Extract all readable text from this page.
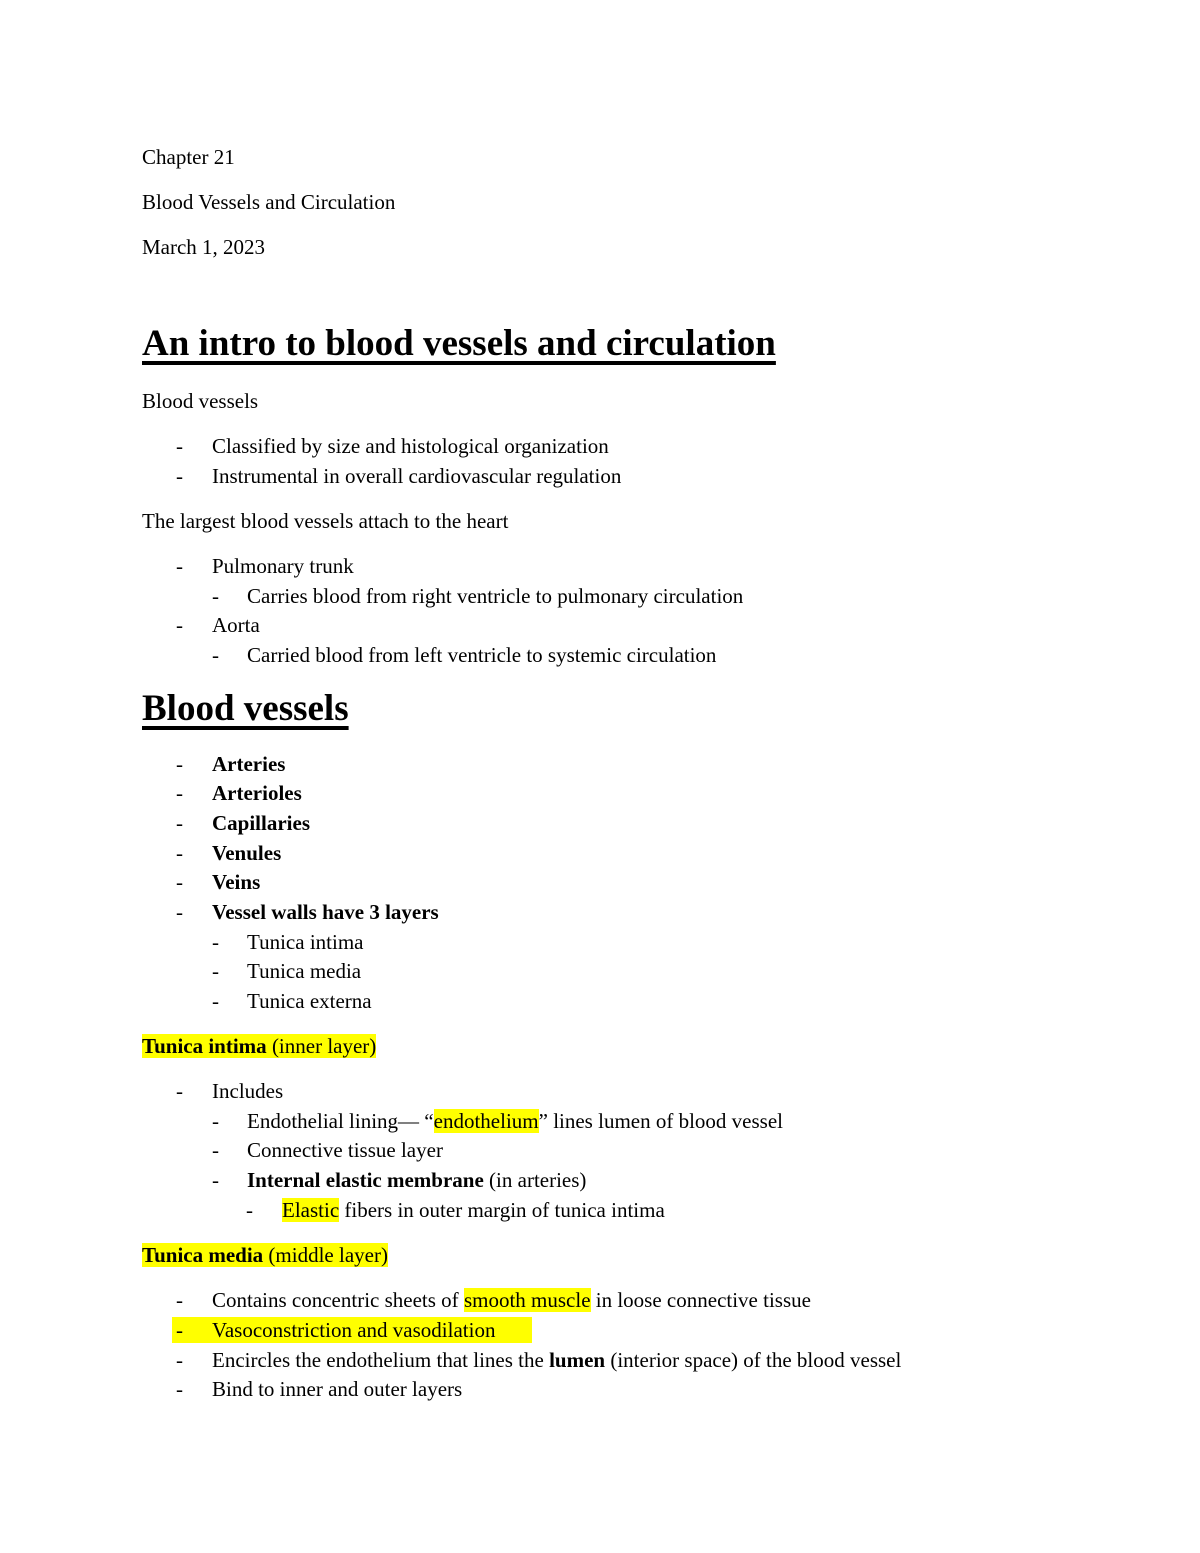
Chapter 21
Blood Vessels and Circulation
March 1, 2023
An intro to blood vessels and circulation
Blood vessels
- Classified by size and histological organization
- Instrumental in overall cardiovascular regulation
The largest blood vessels attach to the heart
- Pulmonary trunk
- Carries blood from right ventricle to pulmonary circulation
- Aorta
- Carried blood from left ventricle to systemic circulation
Blood vessels
- Arteries
- Arterioles
- Capillaries
- Venules
- Veins
- Vessel walls have 3 layers
- Tunica intima
- Tunica media
- Tunica externa
Tunica intima (inner layer)
- Includes
- Endothelial lining— “endothelium” lines lumen of blood vessel
- Connective tissue layer
- Internal elastic membrane (in arteries)
- Elastic fibers in outer margin of tunica intima
Tunica media (middle layer)
- Contains concentric sheets of smooth muscle in loose connective tissue
- Vasoconstriction and vasodilation
- Encircles the endothelium that lines the lumen (interior space) of the blood vessel
- Bind to inner and outer layers
